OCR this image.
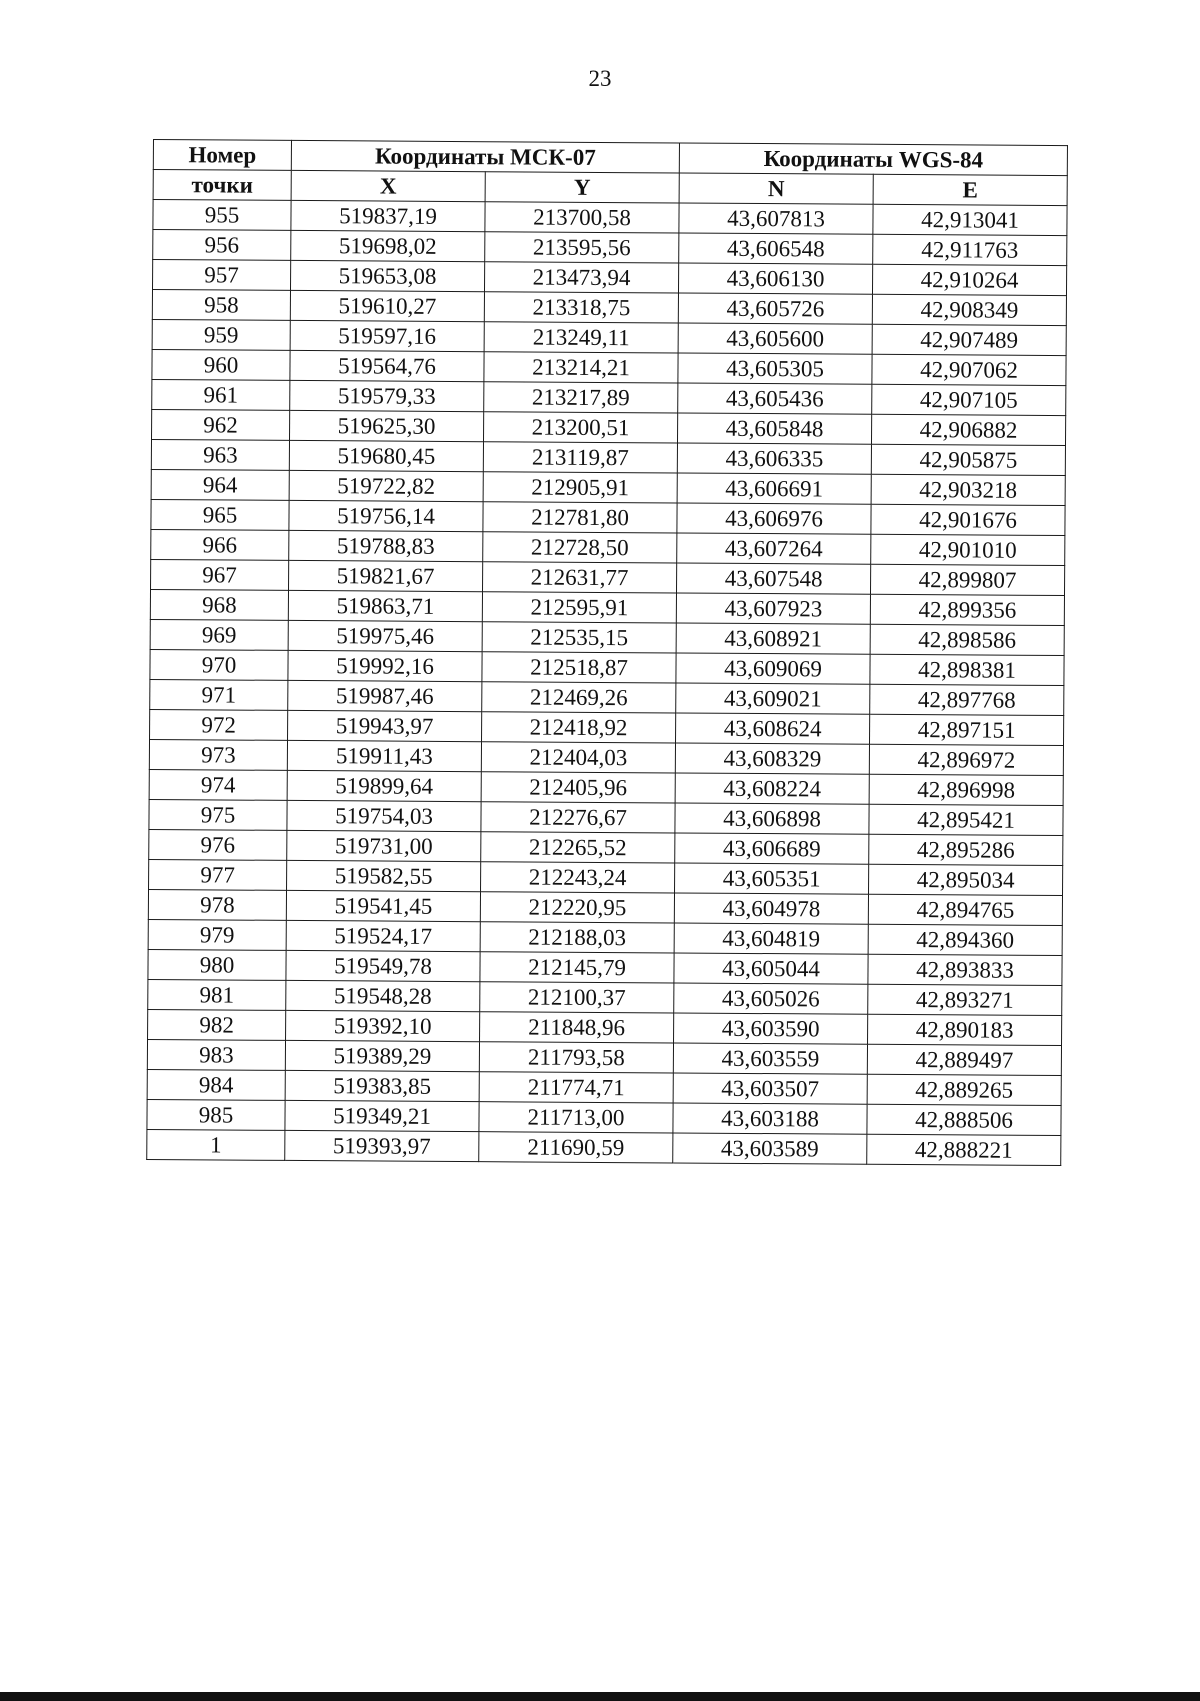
23
Номер	Координаты МСК-07		Координаты WGS-84	
точки	X	Y	N	E
955	519837,19	213700,58	43,607813	42,913041
956	519698,02	213595,56	43,606548	42,911763
957	519653,08	213473,94	43,606130	42,910264
958	519610,27	213318,75	43,605726	42,908349
959	519597,16	213249,11	43,605600	42,907489
960	519564,76	213214,21	43,605305	42,907062
961	519579,33	213217,89	43,605436	42,907105
962	519625,30	213200,51	43,605848	42,906882
963	519680,45	213119,87	43,606335	42,905875
964	519722,82	212905,91	43,606691	42,903218
965	519756,14	212781,80	43,606976	42,901676
966	519788,83	212728,50	43,607264	42,901010
967	519821,67	212631,77	43,607548	42,899807
968	519863,71	212595,91	43,607923	42,899356
969	519975,46	212535,15	43,608921	42,898586
970	519992,16	212518,87	43,609069	42,898381
971	519987,46	212469,26	43,609021	42,897768
972	519943,97	212418,92	43,608624	42,897151
973	519911,43	212404,03	43,608329	42,896972
974	519899,64	212405,96	43,608224	42,896998
975	519754,03	212276,67	43,606898	42,895421
976	519731,00	212265,52	43,606689	42,895286
977	519582,55	212243,24	43,605351	42,895034
978	519541,45	212220,95	43,604978	42,894765
979	519524,17	212188,03	43,604819	42,894360
980	519549,78	212145,79	43,605044	42,893833
981	519548,28	212100,37	43,605026	42,893271
982	519392,10	211848,96	43,603590	42,890183
983	519389,29	211793,58	43,603559	42,889497
984	519383,85	211774,71	43,603507	42,889265
985	519349,21	211713,00	43,603188	42,888506
1	519393,97	211690,59	43,603589	42,888221
